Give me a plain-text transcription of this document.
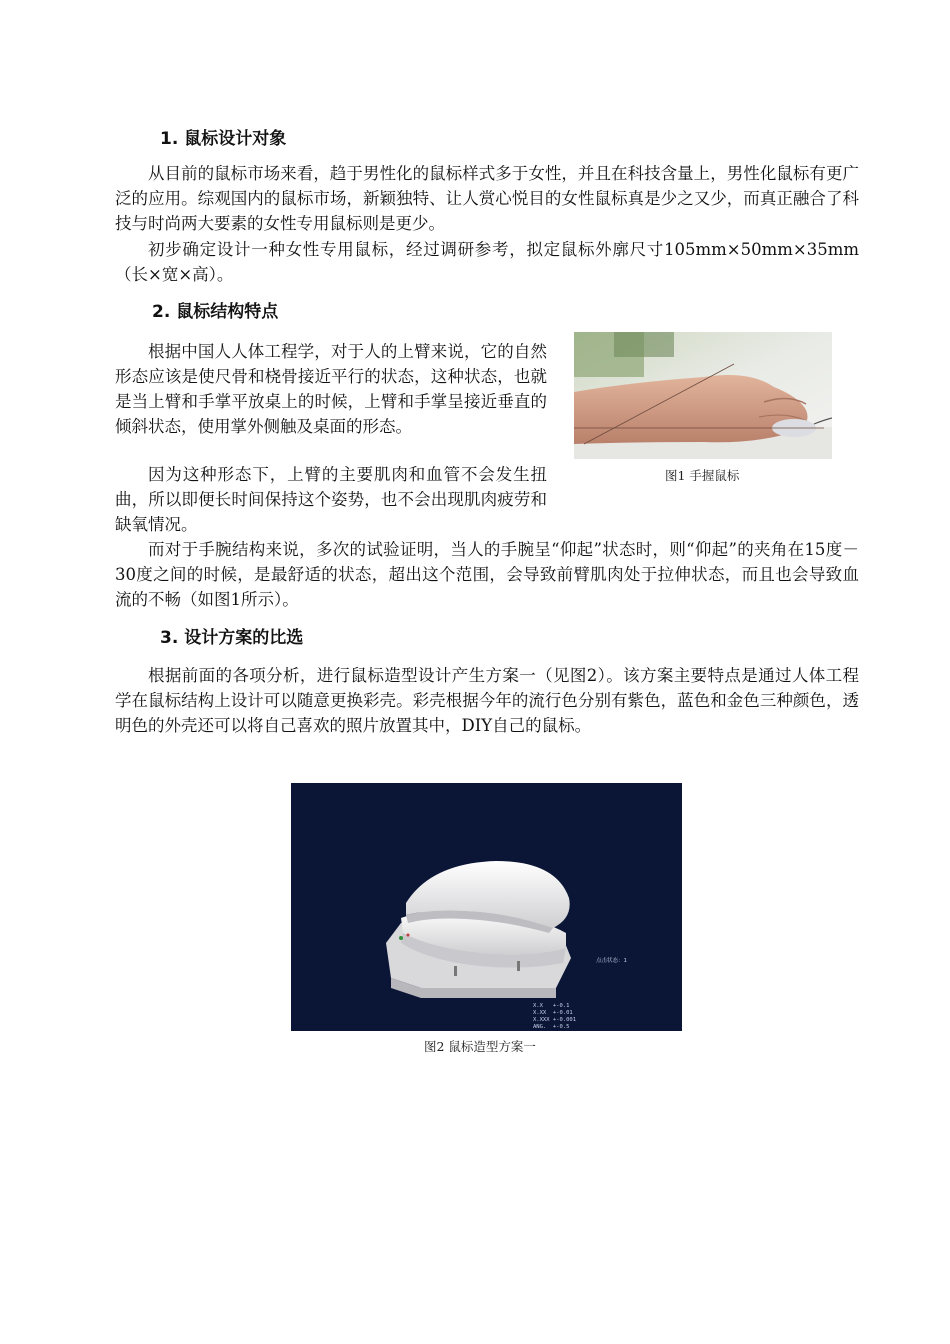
1. 鼠标设计对象

从目前的鼠标市场来看，趋于男性化的鼠标样式多于女性，并且在科技含量上，男性化鼠标有更广泛的应用。综观国内的鼠标市场，新颖独特、让人赏心悦目的女性鼠标真是少之又少，而真正融合了科技与时尚两大要素的女性专用鼠标则是更少。

初步确定设计一种女性专用鼠标，经过调研参考，拟定鼠标外廓尺寸105mm×50mm×35mm（长×宽×高）。

2. 鼠标结构特点

根据中国人人体工程学，对于人的上臂来说，它的自然形态应该是使尺骨和桡骨接近平行的状态，这种状态，也就是当上臂和手掌平放桌上的时候，上臂和手掌呈接近垂直的倾斜状态，使用掌外侧触及桌面的形态。

因为这种形态下，上臂的主要肌肉和血管不会发生扭曲，所以即便长时间保持这个姿势，也不会出现肌肉疲劳和缺氧情况。

而对于手腕结构来说，多次的试验证明，当人的手腕呈“仰起”状态时，则“仰起”的夹角在15度－30度之间的时候，是最舒适的状态，超出这个范围，会导致前臂肌肉处于拉伸状态，而且也会导致血流的不畅（如图1所示）。

图1 手握鼠标
3. 设计方案的比选

根据前面的各项分析，进行鼠标造型设计产生方案一（见图2）。该方案主要特点是通过人体工程学在鼠标结构上设计可以随意更换彩壳。彩壳根据今年的流行色分别有紫色，蓝色和金色三种颜色，透明色的外壳还可以将自己喜欢的照片放置其中，DIY自己的鼠标。

点击状态：1
X.X   +-0.1
X.XX  +-0.01
X.XXX +-0.001
ANG.  +-0.5
图2 鼠标造型方案一
